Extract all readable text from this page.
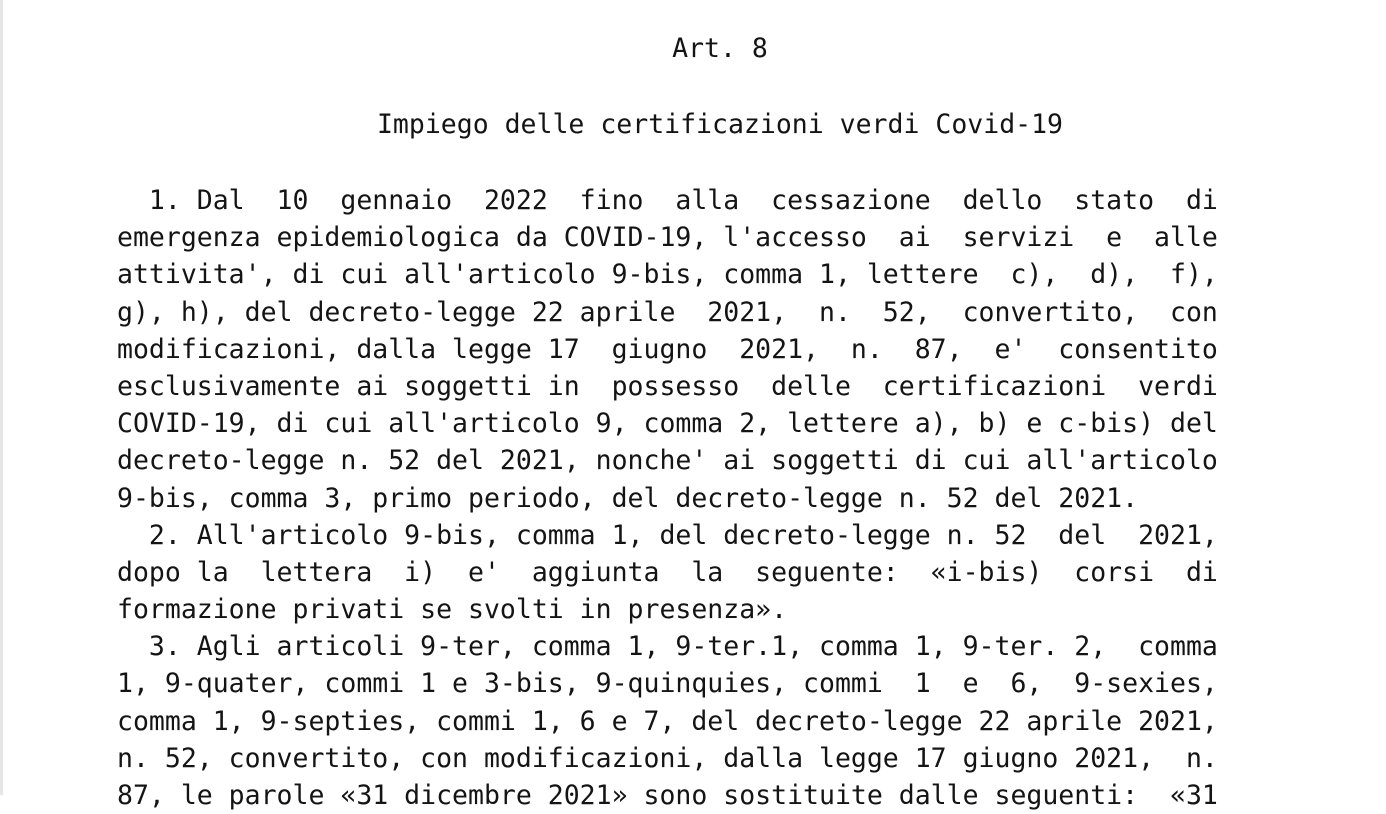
Art. 8
Impiego delle certificazioni verdi Covid-19
1. Dal  10  gennaio  2022  fino  alla  cessazione  dello  stato  di
emergenza epidemiologica da COVID-19, l'accesso  ai  servizi  e  alle
attivita', di cui all'articolo 9-bis, comma 1, lettere  c),  d),  f),
g), h), del decreto-legge 22 aprile  2021,  n.  52,  convertito,  con
modificazioni, dalla legge 17  giugno  2021,  n.  87,  e'  consentito
esclusivamente ai soggetti in  possesso  delle  certificazioni  verdi
COVID-19, di cui all'articolo 9, comma 2, lettere a), b) e c-bis) del
decreto-legge n. 52 del 2021, nonche' ai soggetti di cui all'articolo
9-bis, comma 3, primo periodo, del decreto-legge n. 52 del 2021.
2. All'articolo 9-bis, comma 1, del decreto-legge n. 52  del  2021,
dopo la  lettera  i)  e'  aggiunta  la  seguente:  «i-bis)  corsi  di
formazione privati se svolti in presenza».
3. Agli articoli 9-ter, comma 1, 9-ter.1, comma 1, 9-ter. 2,  comma
1, 9-quater, commi 1 e 3-bis, 9-quinquies, commi  1  e  6,  9-sexies,
comma 1, 9-septies, commi 1, 6 e 7, del decreto-legge 22 aprile 2021,
n. 52, convertito, con modificazioni, dalla legge 17 giugno 2021,  n.
87, le parole «31 dicembre 2021» sono sostituite dalle seguenti:  «31
